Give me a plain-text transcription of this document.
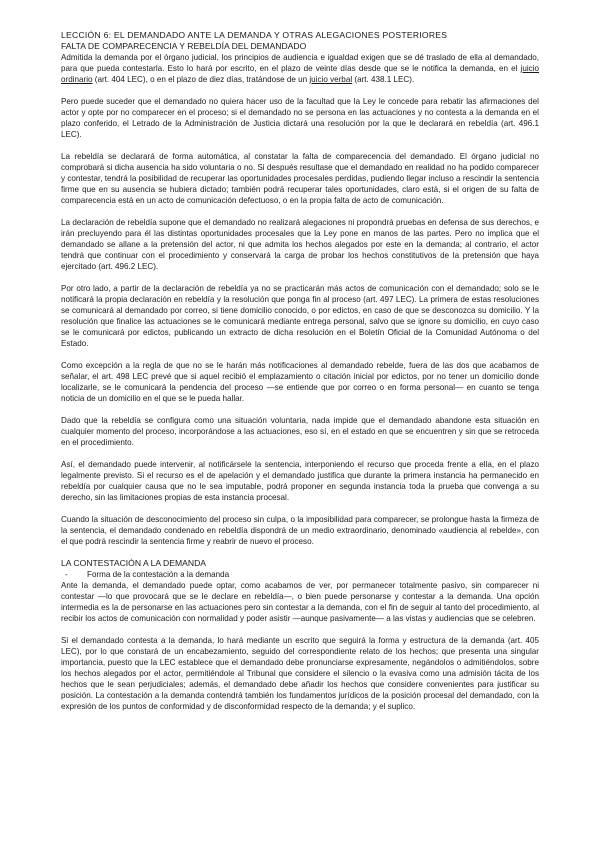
LECCIÓN 6: EL DEMANDADO ANTE LA DEMANDA Y OTRAS ALEGACIONES POSTERIORES

FALTA DE COMPARECENCIA Y REBELDÍA DEL DEMANDADO

Admitida la demanda por el órgano judicial, los principios de audiencia e igualdad exigen que se dé traslado de ella al demandado, para que pueda contestarla. Esto lo hará por escrito, en el plazo de veinte días desde que se le notifica la demanda, en el juicio ordinario (art. 404 LEC), o en el plazo de diez días, tratándose de un juicio verbal (art. 438.1 LEC).

Pero puede suceder que el demandado no quiera hacer uso de la facultad que la Ley le concede para rebatir las afirmaciones del actor y opte por no comparecer en el proceso; si el demandado no se persona en las actuaciones y no contesta a la demanda en el plazo conferido, el Letrado de la Administración de Justicia dictará una resolución por la que le declarará en rebeldía (art. 496.1 LEC).

La rebeldía se declarará de forma automática, al constatar la falta de comparecencia del demandado. El órgano judicial no comprobará si dicha ausencia ha sido voluntaria o no. Si después resultase que el demandado en realidad no ha podido comparecer y contestar, tendrá la posibilidad de recuperar las oportunidades procesales perdidas, pudiendo llegar incluso a rescindir la sentencia firme que en su ausencia se hubiera dictado; también podrá recuperar tales oportunidades, claro está, si el origen de su falta de comparecencia está en un acto de comunicación defectuoso, o en la propia falta de acto de comunicación.

La declaración de rebeldía supone que el demandado no realizará alegaciones ni propondrá pruebas en defensa de sus derechos, e irán precluyendo para él las distintas oportunidades procesales que la Ley pone en manos de las partes. Pero no implica que el demandado se allane a la pretensión del actor, ni que admita los hechos alegados por este en la demanda; al contrario, el actor tendrá que continuar con el procedimiento y conservará la carga de probar los hechos constitutivos de la pretensión que haya ejercitado (art. 496.2 LEC).

Por otro lado, a partir de la declaración de rebeldía ya no se practicarán más actos de comunicación con el demandado; solo se le notificará la propia declaración en rebeldía y la resolución que ponga fin al proceso (art. 497 LEC). La primera de estas resoluciones se comunicará al demandado por correo, si tiene domicilio conocido, o por edictos, en caso de que se desconozca su domicilio. Y la resolución que finalice las actuaciones se le comunicará mediante entrega personal, salvo que se ignore su domicilio, en cuyo caso se le comunicará por edictos, publicando un extracto de dicha resolución en el Boletín Oficial de la Comunidad Autónoma o del Estado.

Como excepción a la regla de que no se le harán más notificaciones al demandado rebelde, fuera de las dos que acabamos de señalar, el art. 498 LEC prevé que si aquel recibió el emplazamiento o citación inicial por edictos, por no tener un domicilio donde localizarle, se le comunicará la pendencia del proceso —se entiende que por correo o en forma personal— en cuanto se tenga noticia de un domicilio en el que se le pueda hallar.

Dado que la rebeldía se configura como una situación voluntaria, nada impide que el demandado abandone esta situación en cualquier momento del proceso, incorporándose a las actuaciones, eso sí, en el estado en que se encuentren y sin que se retroceda en el procedimiento.

Así, el demandado puede intervenir, al notificársele la sentencia, interponiendo el recurso que proceda frente a ella, en el plazo legalmente previsto. Si el recurso es el de apelación y el demandado justifica que durante la primera instancia ha permanecido en rebeldía por cualquier causa que no le sea imputable, podrá proponer en segunda instancia toda la prueba que convenga a su derecho, sin las limitaciones propias de esta instancia procesal.

Cuando la situación de desconocimiento del proceso sin culpa, o la imposibilidad para comparecer, se prolongue hasta la firmeza de la sentencia, el demandado condenado en rebeldía dispondrá de un medio extraordinario, denominado «audiencia al rebelde», con el que podrá rescindir la sentencia firme y reabrir de nuevo el proceso.

LA CONTESTACIÓN A LA DEMANDA

-	Forma de la contestación a la demanda

Ante la demanda, el demandado puede optar, como acabamos de ver, por permanecer totalmente pasivo, sin comparecer ni contestar —lo que provocará que se le declare en rebeldía—, o bien puede personarse y contestar a la demanda. Una opción intermedia es la de personarse en las actuaciones pero sin contestar a la demanda, con el fin de seguir al tanto del procedimiento, al recibir los actos de comunicación con normalidad y poder asistir —aunque pasivamente— a las vistas y audiencias que se celebren.

Si el demandado contesta a la demanda, lo hará mediante un escrito que seguirá la forma y estructura de la demanda (art. 405 LEC), por lo que constará de un encabezamiento, seguido del correspondiente relato de los hechos; que presenta una singular importancia, puesto que la LEC establece que el demandado debe pronunciarse expresamente, negándolos o admitiéndolos, sobre los hechos alegados por el actor, permitiéndole al Tribunal que considere el silencio o la evasiva como una admisión tácita de los hechos que le sean perjudiciales; además, el demandado debe añadir los hechos que considere convenientes para justificar su posición. La contestación a la demanda contendrá también los fundamentos jurídicos de la posición procesal del demandado, con la expresión de los puntos de conformidad y de disconformidad respecto de la demanda; y el suplico.
